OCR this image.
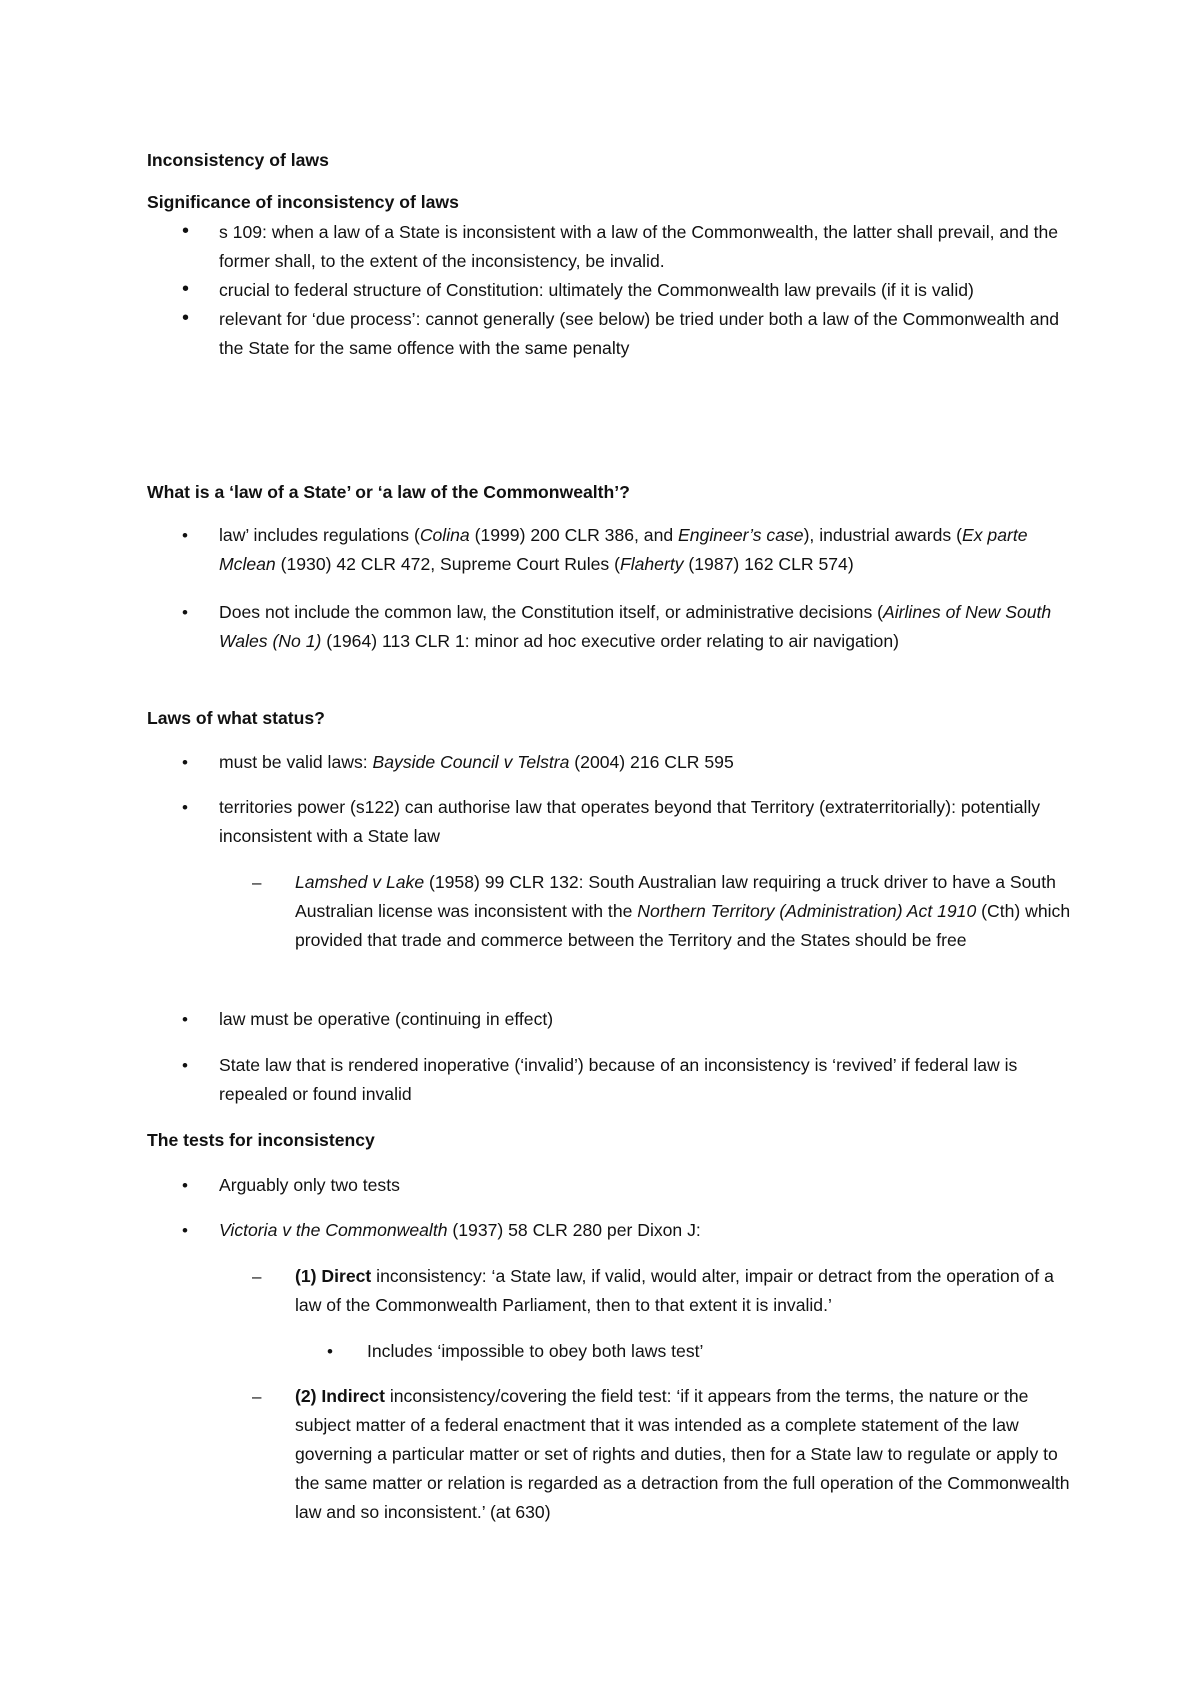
Inconsistency of laws

Significance of inconsistency of laws

• s 109: when a law of a State is inconsistent with a law of the Commonwealth, the latter shall prevail, and the former shall, to the extent of the inconsistency, be invalid.
• crucial to federal structure of Constitution: ultimately the Commonwealth law prevails (if it is valid)
• relevant for ‘due process’: cannot generally (see below) be tried under both a law of the Commonwealth and the State for the same offence with the same penalty

What is a ‘law of a State’ or ‘a law of the Commonwealth’?

• law’ includes regulations (Colina (1999) 200 CLR 386, and Engineer’s case), industrial awards (Ex parte Mclean (1930) 42 CLR 472, Supreme Court Rules (Flaherty (1987) 162 CLR 574)
• Does not include the common law, the Constitution itself, or administrative decisions (Airlines of New South Wales (No 1) (1964) 113 CLR 1: minor ad hoc executive order relating to air navigation)

Laws of what status?

• must be valid laws: Bayside Council v Telstra (2004) 216 CLR 595
• territories power (s122) can authorise law that operates beyond that Territory (extraterritorially): potentially inconsistent with a State law
– Lamshed v Lake (1958) 99 CLR 132: South Australian law requiring a truck driver to have a South Australian license was inconsistent with the Northern Territory (Administration) Act 1910 (Cth) which provided that trade and commerce between the Territory and the States should be free
• law must be operative (continuing in effect)
• State law that is rendered inoperative (‘invalid’) because of an inconsistency is ‘revived’ if federal law is repealed or found invalid

The tests for inconsistency

• Arguably only two tests
• Victoria v the Commonwealth (1937) 58 CLR 280 per Dixon J:
– (1) Direct inconsistency: ‘a State law, if valid, would alter, impair or detract from the operation of a law of the Commonwealth Parliament, then to that extent it is invalid.’
• Includes ‘impossible to obey both laws test’
– (2) Indirect inconsistency/covering the field test: ‘if it appears from the terms, the nature or the subject matter of a federal enactment that it was intended as a complete statement of the law governing a particular matter or set of rights and duties, then for a State law to regulate or apply to the same matter or relation is regarded as a detraction from the full operation of the Commonwealth law and so inconsistent.’ (at 630)
